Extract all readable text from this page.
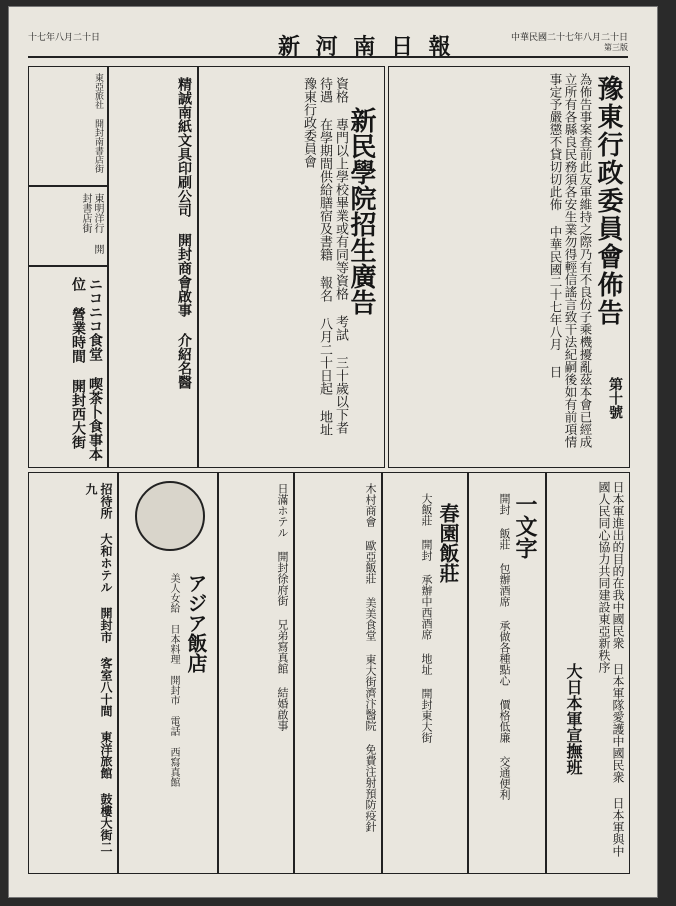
十七年八月二十日	新 河 南 日 報	中華民國二十七年八月二十日
第三版
豫東行政委員會佈告
第十號
為佈告事案查前此友軍維持之際乃有不良份子乘機擾亂茲本會已經成立所有各縣良民務須各安生業勿得輕信謠言致干法紀嗣後如有前項情事定予嚴懲不貸切切此佈 中華民國二十七年八月 日
新民學院招生廣告
資格 專門以上學校畢業或有同等資格 考試 三十歲以下者 待遇 在學期間供給膳宿及書籍 報名 八月二十日起 地址 豫東行政委員會
精誠南紙文具印刷公司 開封商會啟事 介紹名醫
東亞旅社 開封南書店街
東明洋行 開封書店街
ニコニコ食堂 喫茶卜食事本位 營業時間 開封西大街
日本軍進出的目的在我中國民衆 日本軍隊愛護中國民衆 日本軍與中國人民同心協力共同建設東亞新秩序
大日本軍宣撫班
一文字
開封 飯莊 包辦酒席 承做各種點心 價格低廉 交通便利
春園飯莊
大飯莊 開封 承辦中西酒席 地址 開封東大街
木村商會 歐亞飯莊 美美食堂 東大街濟汴醫院 免費注射預防疫針
日滿ホテル 開封徐府街 兄弟寫真館 結婚啟事
アジア飯店
美人女給 日本料理 開封市 電話 西寫真館
招待所 大和ホテル 開封市 客室八十間 東洋旅館 鼓樓大街二九
